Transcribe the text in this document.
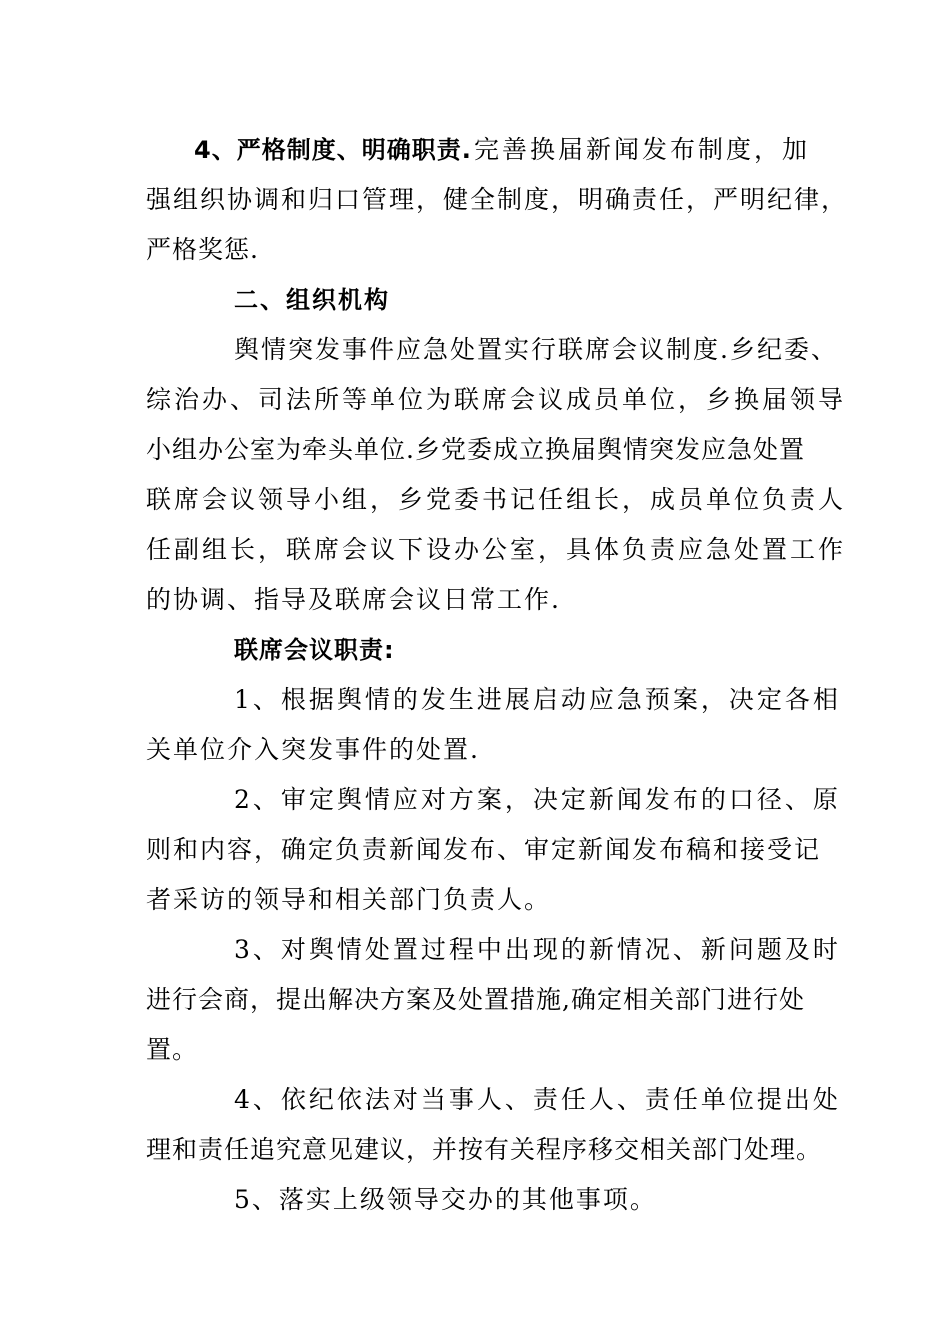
4、严格制度、明确职责. 完善换届新闻发布制度，加
强组织协调和归口管理，健全制度，明确责任，严明纪律，
严格奖惩.
二、组织机构
舆情突发事件应急处置实行联席会议制度.乡纪委、
综治办、司法所等单位为联席会议成员单位，乡换届领导
小组办公室为牵头单位.乡党委成立换届舆情突发应急处置
联席会议领导小组，乡党委书记任组长，成员单位负责人
任副组长，联席会议下设办公室，具体负责应急处置工作
的协调、指导及联席会议日常工作.
联席会议职责:
1、根据舆情的发生进展启动应急预案，决定各相
关单位介入突发事件的处置.
2、审定舆情应对方案，决定新闻发布的口径、原
则和内容，确定负责新闻发布、审定新闻发布稿和接受记
者采访的领导和相关部门负责人。
3、对舆情处置过程中出现的新情况、新问题及时
进行会商，提出解决方案及处置措施,确定相关部门进行处
置。
4、依纪依法对当事人、责任人、责任单位提出处
理和责任追究意见建议，并按有关程序移交相关部门处理。
5、落实上级领导交办的其他事项。
